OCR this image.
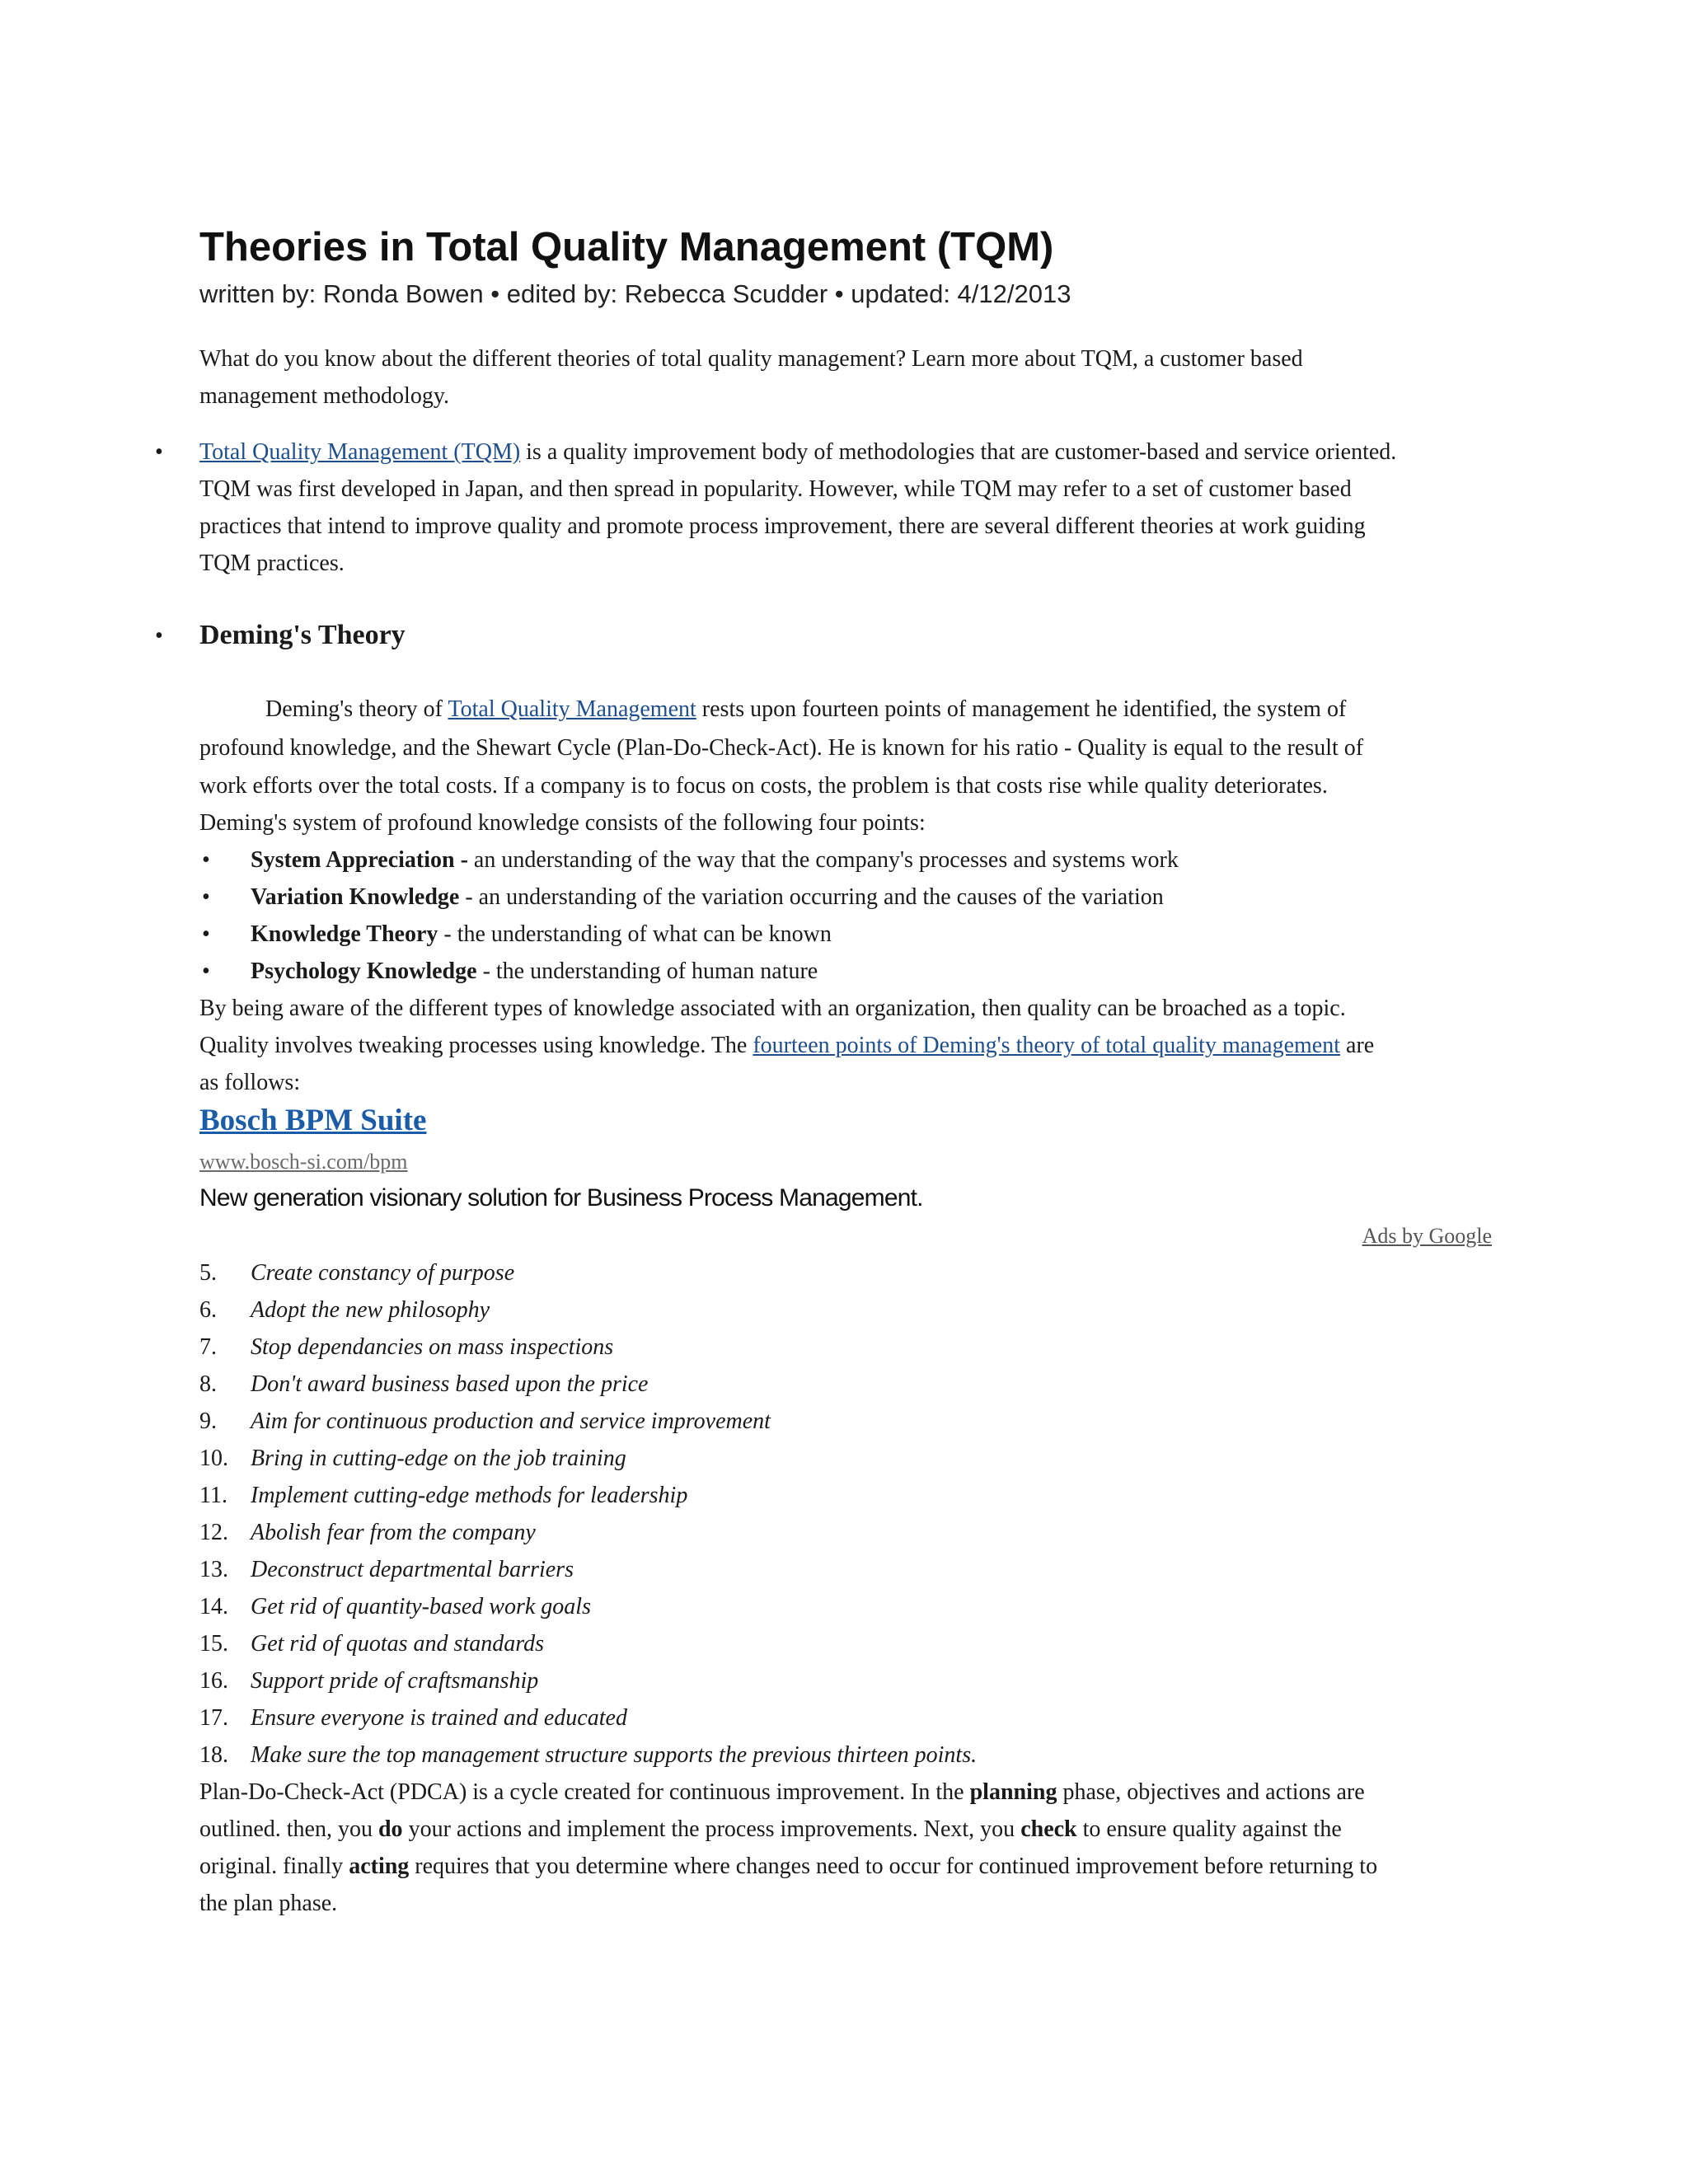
Theories in Total Quality Management (TQM)
written by: Ronda Bowen • edited by: Rebecca Scudder • updated: 4/12/2013
What do you know about the different theories of total quality management? Learn more about TQM, a customer based
management methodology.
• Total Quality Management (TQM) is a quality improvement body of methodologies that are customer-based and service oriented.
TQM was first developed in Japan, and then spread in popularity. However, while TQM may refer to a set of customer based
practices that intend to improve quality and promote process improvement, there are several different theories at work guiding
TQM practices.
• Deming's Theory
Deming's theory of Total Quality Management rests upon fourteen points of management he identified, the system of
profound knowledge, and the Shewart Cycle (Plan-Do-Check-Act). He is known for his ratio - Quality is equal to the result of
work efforts over the total costs. If a company is to focus on costs, the problem is that costs rise while quality deteriorates.
Deming's system of profound knowledge consists of the following four points:
• System Appreciation - an understanding of the way that the company's processes and systems work
• Variation Knowledge - an understanding of the variation occurring and the causes of the variation
• Knowledge Theory - the understanding of what can be known
• Psychology Knowledge - the understanding of human nature
By being aware of the different types of knowledge associated with an organization, then quality can be broached as a topic.
Quality involves tweaking processes using knowledge. The fourteen points of Deming's theory of total quality management are
as follows:
Bosch BPM Suite
www.bosch-si.com/bpm
New generation visionary solution for Business Process Management.
Ads by Google
5. Create constancy of purpose
6. Adopt the new philosophy
7. Stop dependancies on mass inspections
8. Don't award business based upon the price
9. Aim for continuous production and service improvement
10. Bring in cutting-edge on the job training
11. Implement cutting-edge methods for leadership
12. Abolish fear from the company
13. Deconstruct departmental barriers
14. Get rid of quantity-based work goals
15. Get rid of quotas and standards
16. Support pride of craftsmanship
17. Ensure everyone is trained and educated
18. Make sure the top management structure supports the previous thirteen points.
Plan-Do-Check-Act (PDCA) is a cycle created for continuous improvement. In the planning phase, objectives and actions are
outlined. then, you do your actions and implement the process improvements. Next, you check to ensure quality against the
original. finally acting requires that you determine where changes need to occur for continued improvement before returning to
the plan phase.
